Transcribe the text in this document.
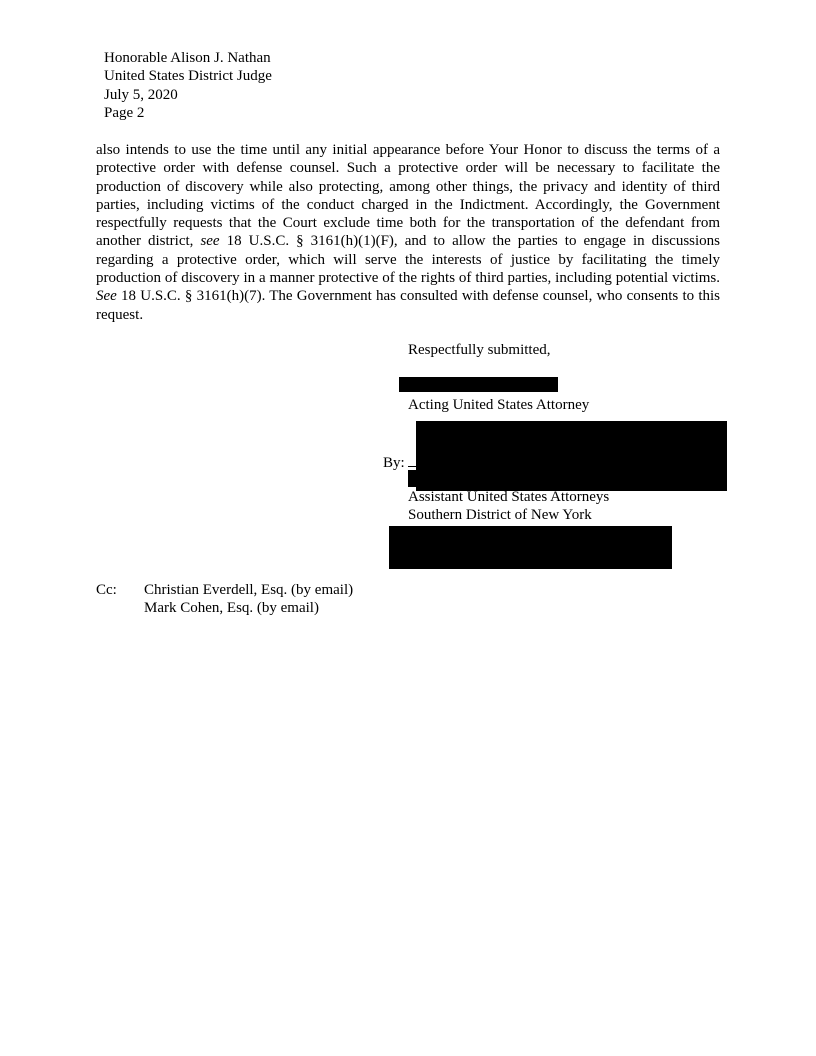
Honorable Alison J. Nathan
United States District Judge
July 5, 2020
Page 2
also intends to use the time until any initial appearance before Your Honor to discuss the terms of a protective order with defense counsel. Such a protective order will be necessary to facilitate the production of discovery while also protecting, among other things, the privacy and identity of third parties, including victims of the conduct charged in the Indictment. Accordingly, the Government respectfully requests that the Court exclude time both for the transportation of the defendant from another district, see 18 U.S.C. § 3161(h)(1)(F), and to allow the parties to engage in discussions regarding a protective order, which will serve the interests of justice by facilitating the timely production of discovery in a manner protective of the rights of third parties, including potential victims. See 18 U.S.C. § 3161(h)(7). The Government has consulted with defense counsel, who consents to this request.
Respectfully submitted,
Acting United States Attorney
By:
Assistant United States Attorneys
Southern District of New York
Cc: Christian Everdell, Esq. (by email)
Mark Cohen, Esq. (by email)
